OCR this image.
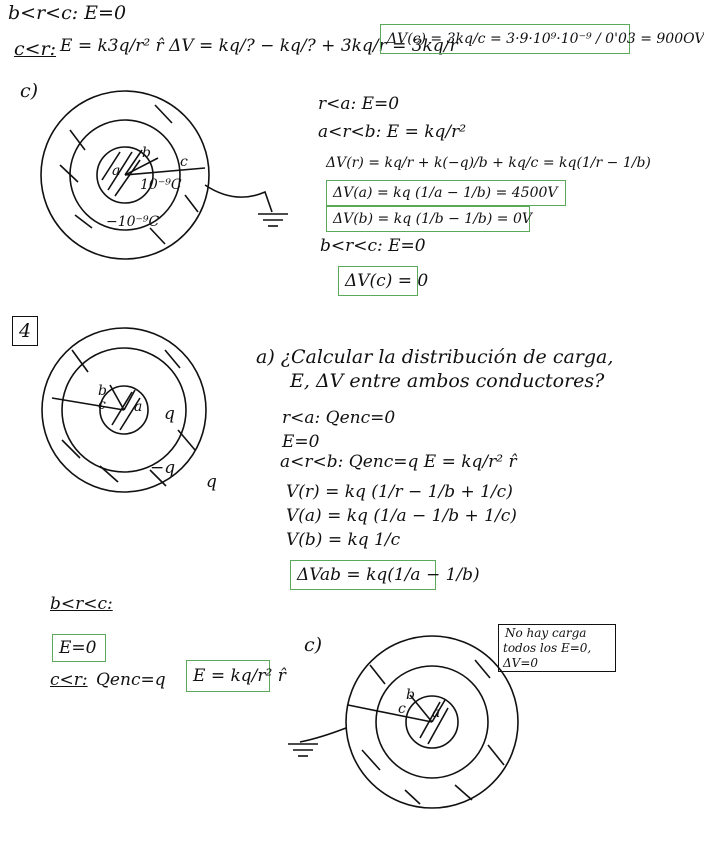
b<r<c: E=0
c<r: E = k3q/r² r̂ ΔV = kq/? − kq/? + 3kq/r = 3kq/r
ΔV(c) = 3kq/c = 3·9·10⁹·10⁻⁹ / 0'03 = 900OV
c)
a
b
c
10⁻⁹C
−10⁻⁹C
r<a: E=0
a<r<b: E = kq/r²
ΔV(r) = kq/r + k(−q)/b + kq/c = kq(1/r − 1/b)
ΔV(a) = kq (1/a − 1/b) = 4500V
ΔV(b) = kq (1/b − 1/b) = 0V
b<r<c: E=0
ΔV(c) = 0
4
b
c a q
−q
q
a) ¿Calcular la distribución de carga,
E, ΔV entre ambos conductores?
r<a: Qenc=0
E=0
a<r<b: Qenc=q E = kq/r² r̂
V(r) = kq (1/r − 1/b + 1/c)
V(a) = kq (1/a − 1/b + 1/c)
V(b) = kq 1/c
ΔVab = kq(1/a − 1/b)
b<r<c:
E=0
c<r: Qenc=q	E = kq/r² r̂
c)
b
c a
No hay carga
todos los E=0,
ΔV=0
